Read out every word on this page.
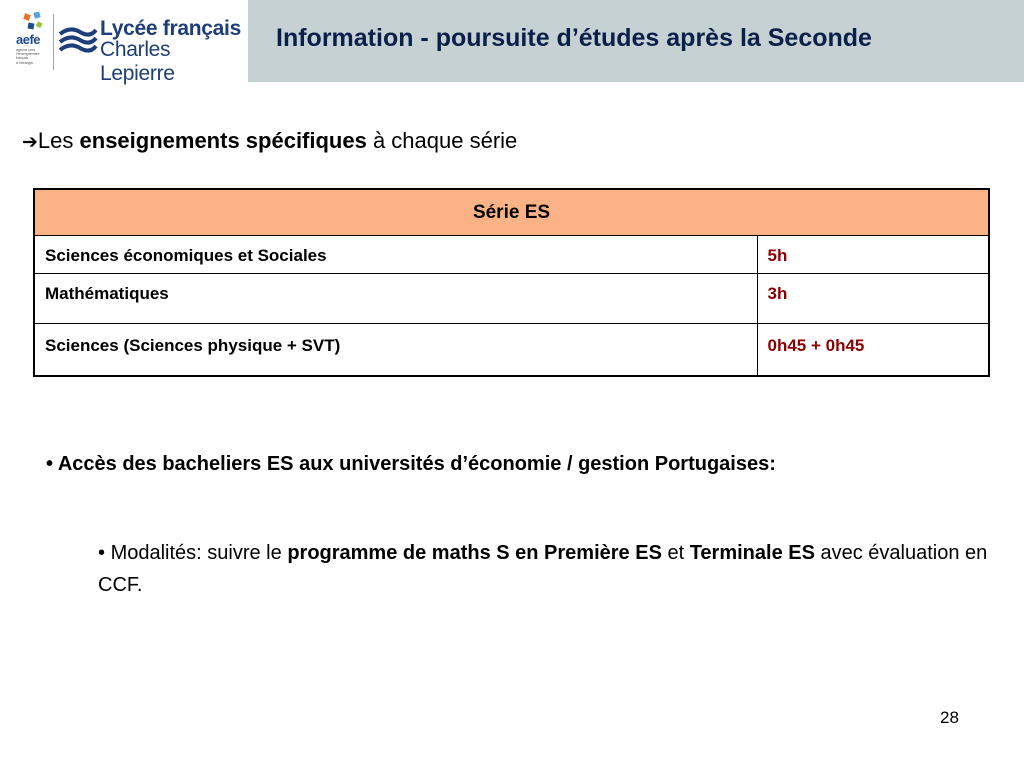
aefe
agence pour
l'enseignement
français
à l'étranger
Lycée français
Charles Lepierre
Information - poursuite d’études après la Seconde
➔Les enseignements spécifiques à chaque série
Série ES	
Sciences économiques et Sociales	5h
Mathématiques	3h
Sciences (Sciences physique + SVT)	0h45 + 0h45
• Accès des bacheliers ES aux universités d’économie / gestion Portugaises:
• Modalités: suivre le programme de maths S en Première ES et Terminale ES avec évaluation en CCF.
28
